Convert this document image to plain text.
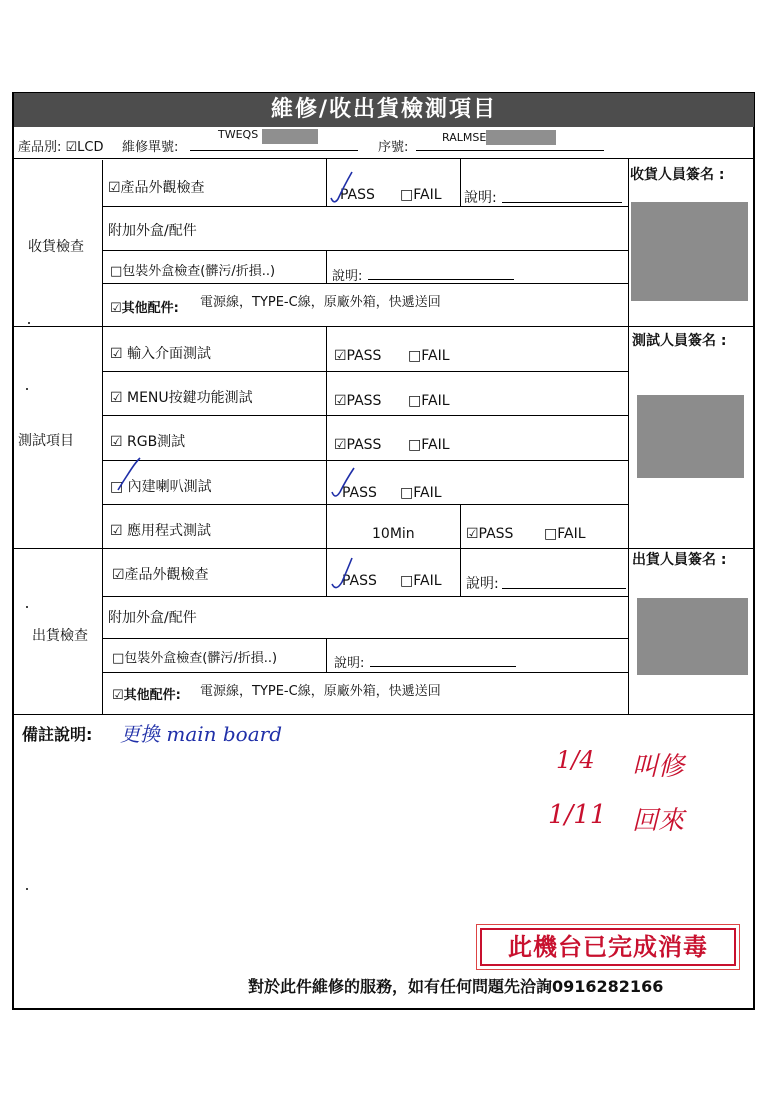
維修/收出貨檢測項目
產品別: ☑LCD 維修單號:
TWEQS
序號:
RALMSE
收貨檢查
☑產品外觀檢查	PASS □FAIL 說明:
附加外盒/配件
□包裝外盒檢查(髒污/折損..)	說明:
☑其他配件: 電源線，TYPE-C線，原廠外箱，快遞送回
收貨人員簽名 :
測試項目
☑ 輸入介面測試	☑PASS □FAIL
☑ MENU按鍵功能測試	☑PASS □FAIL
☑ RGB測試	☑PASS □FAIL
□ 內建喇叭測試	PASS □FAIL
☑ 應用程式測試	10Min	☑PASS □FAIL
測試人員簽名 :
出貨檢查
☑產品外觀檢查	PASS □FAIL 說明:
附加外盒/配件
□包裝外盒檢查(髒污/折損..)	說明:
☑其他配件: 電源線，TYPE-C線，原廠外箱，快遞送回
出貨人員簽名 :
備註說明: 更換 main board
1/4 叫修
1/11 回來
此機台已完成消毒
對於此件維修的服務，如有任何問題先洽詢0916282166
